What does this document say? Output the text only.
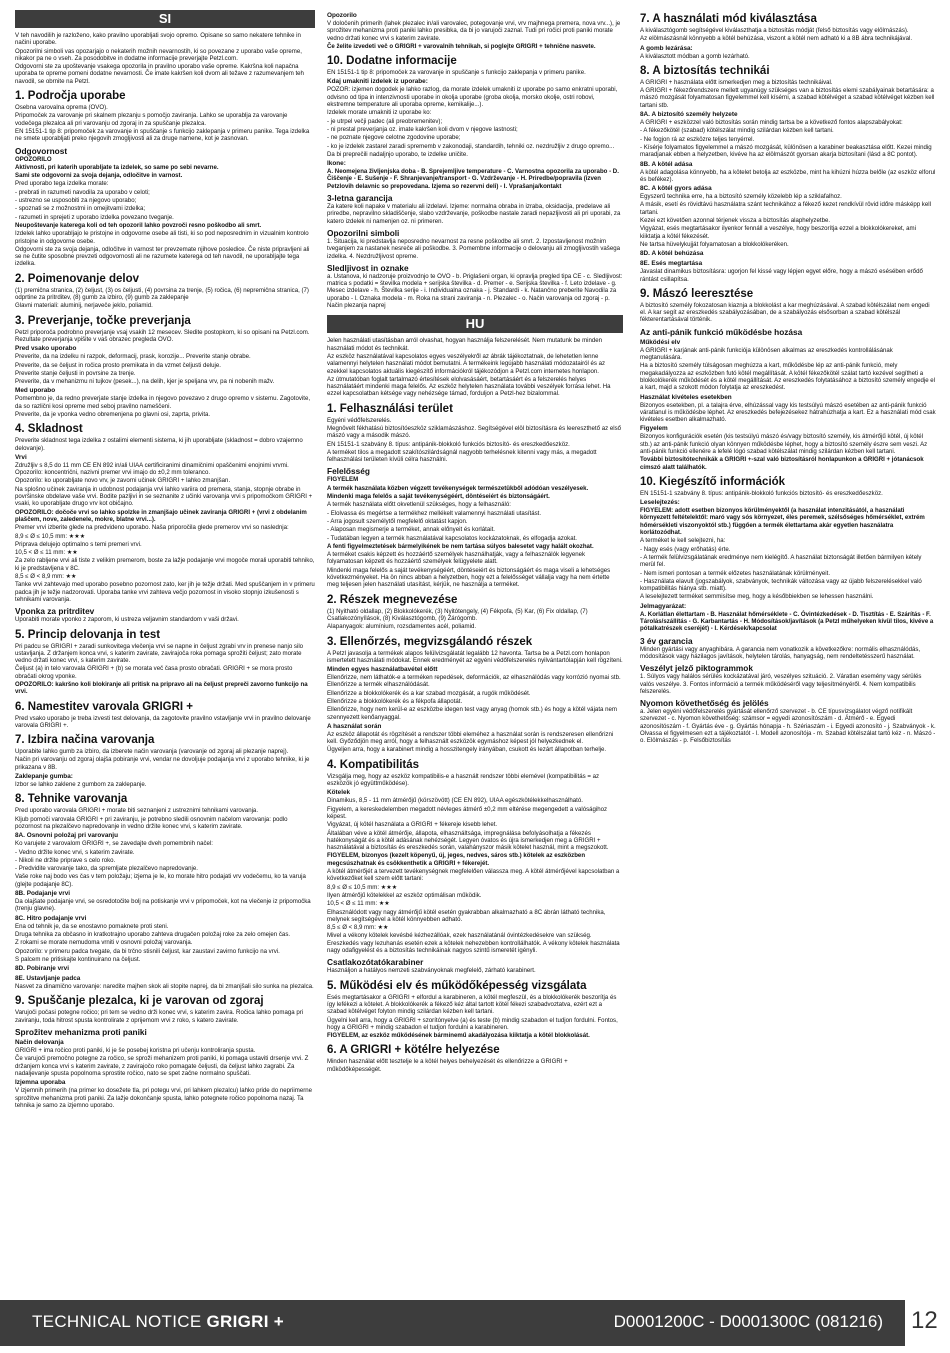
SI

V teh navodilih je razloženo, kako pravilno uporabljati svojo opremo. Opisane so samo nekatere tehnike in načini uporabe.

Opozorilni simboli vas opozarjajo o nekaterih možnih nevarnostih, ki so povezane z uporabo vaše opreme, nikakor pa ne o vseh. Za posodobitve in dodatne informacije preverjajte Petzl.com.

Odgovorni ste za upoštevanje vsakega opozorila in pravilno uporabo vaše opreme. Kakršna koli napačna uporaba te opreme pomeni dodatne nevarnosti. Če imate kakršen koli dvom ali težave z razumevanjem teh navodil, se obrnite na Petzl.

1. Področja uporabe

Osebna varovalna oprema (OVO).

Pripomoček za varovanje pri skalnem plezanju s pomočjo zaviranja. Lahko se uporablja za varovanje vodečega plezalca ali pri varovanju od zgoraj in za spuščanje plezalca.

EN 15151-1 tip 8: pripomoček za varovanje in spuščanje s funkcijo zaklepanja v primeru panike. Tega izdelka ne smete uporabljati preko njegovih zmogljivosti ali za druge namene, kot je zasnovan.

Odgovornost

OPOZORILO

Aktivnosti, pri katerih uporabljate ta izdelek, so same po sebi nevarne.

Sami ste odgovorni za svoja dejanja, odločitve in varnost.

Pred uporabo tega izdelka morate:

- prebrati in razumeti navodila za uporabo v celoti;

- ustrezno se usposobiti za njegovo uporabo;

- spoznati se z možnostmi in omejitvami izdelka;

- razumeti in sprejeti z uporabo izdelka povezano tveganje.

Neupoštevanje katerega koli od teh opozoril lahko povzroči resno poškodbo ali smrt.

Izdelek lahko uporabljajo le pristojne in odgovorne osebe ali tisti, ki so pod neposrednim in vizualnim kontrolo pristojne in odgovorne osebe.

Odgovorni ste za svoja dejanja, odločitve in varnost ter prevzemate njihove posledice. Če niste pripravljeni ali se ne čutite sposobne prevzeti odgovornosti ali ne razumete katerega od teh navodil, ne uporabljajte tega izdelka.

2. Poimenovanje delov

(1) premična stranica, (2) čeljust, (3) os čeljusti, (4) povrsina za trenje, (5) ročica, (6) nepremična stranica, (7) odprtine za pritrditev, (8) gumb za izbiro, (9) gumb za zaklepanje

Glavni materiali: aluminij, nerjaveče jeklo, poliamid.

3. Preverjanje, točke preverjanja

Petzl priporoča podrobno preverjanje vsaj vsakih 12 mesecev. Sledite postopkom, ki so opisani na Petzl.com. Rezultate preverjanja vpišite v vaš obrazec pregleda OVO.

Pred vsako uporabo

Preverite, da na izdelku ni razpok, deformacij, prask, korozije... Preverite stanje obrabe.

Preverite, da se čeljust in ročica prosto premikata in da vzmet čeljusti deluje.

Preverite stanje čeljusti in povrsine za trenje.

Preverite, da v mehanizmu ni tujkov (pesek...), na delih, kjer je speljana vrv, pa ni nobenih mažv.

Med uporabo

Pomembno je, da redno preverjate stanje izdelka in njegovo povezavo z drugo opremo v sistemu. Zagotovite, da so različni kosi opreme med seboj pravilno nameščeni.

Preverite, da je vponka vedno obremenjena po glavni osi, zaprta, privita.

4. Skladnost

Preverite skladnost tega izdelka z ostalimi elementi sistema, ki jih uporabljate (skladnost = dobro vzajemno delovanje).

Vrvi

Združljiv s 8,5 do 11 mm CE EN 892 in/ali UIAA certificiranimi dinamičnimi opaščenimi enojnimi vrvmi. Opozorilo: koncentrični, nazivni premer vrvi imajo do ±0,2 mm toleranco.

Opozorilo: ko uporabljate novo vrv, je zavorni učinek GRIGRI + lahko zmanjšan.

Na splošno učinek zaviranja in udobnost podajanja vrvi lahko variira od premera, stanja, stopnje obrabe in površinske obdelave vaše vrvi. Bodite pazljivi in se seznanite z učinki varovanja vrvi s pripomočkom GRIGRI + vsaki, ko uporabljate drugo vrv kot običajno.

OPOZORILO: dočoče vrvi so lahko spolzke in zmanjšajo učinek zaviranja GRIGRI + (vrvi z obdelanim plaščem, nove, zaledenele, mokre, blatne vrvi...).

Premer vrvi izberite glede na predvideno uporabo. Naša priporočila glede premerov vrvi so naslednja:

8,9 ≤ Ø ≤ 10,5 mm: ★★★

Priprava delujejo optimalno s temi premeri vrvi.

10,5 < Ø ≤ 11 mm: ★★

Za zelo rabljene vrvi ali tiste z velikim premerom, boste za lažje podajanje vrvi mogoče morali uporabiti tehniko, ki je predstavljena v 8C.

8,5 ≤ Ø < 8,9 mm: ★★

Tanke vrvi zahtevajo med uporabo posebno pozornost zato, ker jih je težje držati. Med spuščanjem in v primeru padca jih je težje nadzorovati. Uporaba tanke vrvi zahteva večjo pozornost in visoko stopnjo izkušenosti s tehnikami varovanja.

Vponka za pritrditev

Uporabiti morate vponko z zaporom, ki ustreza veljavnim standardom v vaši državi.

5. Princip delovanja in test

Pri padcu se GRIGRI + zaradi sunkovitega vlečenja vrvi se napne in čeljust zgrabi vrv in prenese nanjo silo ustavljanja. Z držanjem konca vrvi, s katerim zavirate, zavirajoča roka pomaga sprožiti čeljust; zato morate vedno držati konec vrvi, s katerim zavirate.

Čeljust (a) in telo varovala GRIGRI + (b) se morata več časa prosto obračati. GRIGRI + se mora prosto obračati okrog vponke.

OPOZORILO: kakršno koli blokiranje ali pritisk na pripravo ali na čeljust prepreči zavorno funkcijo na vrvi.

6. Namestitev varovala GRIGRI +

Pred vsako uporabo je treba izvesti test delovanja, da zagotovite pravilno vstavljanje vrvi in pravilno delovanje varovala GRIGRI +.

7. Izbira načina varovanja

Uporabite lahko gumb za izbiro, da izberete način varovanja (varovanje od zgoraj ali plezanje naprej).

Način pri varovanju od zgoraj olajša pobiranje vrvi, vendar ne dovoljuje podajanja vrvi z uporabo tehnike, ki je prikazana v 8B.

Zaklepanje gumba:

Izbor se lahko zaklene z gumbom za zaklepanje.

8. Tehnike varovanja

Pred uporabo varovala GRIGRI + morate biti seznanjeni z ustreznimi tehnikami varovanja.

Kljub pomoči varovala GRIGRI + pri zaviranju, je potrebno sledili osnovnim načelom varovanja: podlo pozornost na plezalčevo napredovanje in vedno držite konec vrvi, s katerim zavirate.

8A. Osnovni položaj pri varovanju

Ko varujete z varovalom GRIGRI +, se zavedajte dveh pomembnih načel:

- Vedno držite konec vrvi, s katerim zavirate.

- Nikoli ne držite priprave s celo roko.

- Predvidite varovanje tako, da spremljate plezalčevo napredovanje.

Vaše roke naj bodo ves čas v tem položaju; izjema je le, ko morate hitro podajati vrv vodečemu, ko ta varuja (glejte podajanje 8C).

8B. Podajanje vrvi

Da olajšate podajanje vrvi, se osredotočite bolj na potiskanje vrvi v pripomoček, kot na vlečenje iz pripomočka (trenju glavne).

8C. Hitro podajanje vrvi

Ena od tehnik je, da se enostavno pomaknete proti steni.

Druga tehnika za občasno in kratkotrajno uporabo zahteva drugačen položaj roke za zelo omejen čas.

Z rokami se morate nemudoma vrniti v osnovni položaj varovanja.

Opozorilo: v primeru padca tvegate, da bi trčno stisnili čeljust, kar zaustavi zavirno funkcijo na vrvi.

S palcem ne pritiskajte kontinuirano na čeljust.

8D. Pobiranje vrvi
8E. Ustavljanje padca

Nasvet za dinamično varovanje: naredite majhen skok ali stopite naprej, da bi zmanjšali silo sunka na plezalca.

9. Spuščanje plezalca, ki je varovan od zgoraj

Varujoči počasi potegne ročico; pri tem se vedno drži konec vrvi, s katerim zavira. Ročica lahko pomaga pri zaviranju, toda hitrost spusta kontrolirate z oprijemom vrvi z roko, s katero zavirate.

Sprožitev mehanizma proti paniki
Način delovanja

GRIGRI + ima ročico proti paniki, ki je še posebej koristna pri učenju kontroliranja spusta.

Če varujoči premočno potegne za ročico, se sproži mehanizem proti paniki, ki pomaga ustaviti drsenje vrvi. Z držanjem konca vrvi s katerim zavirate, z zavirajočo roko pomagate čeljusti, da čeljust lahko zagrabi. Za nadaljevanje spusta popolnoma sprostite ročico, nato se spet začne normalno spuščati.

Izjemna uporaba

V izjemnih primerih (na primer ko dosežete tla, pri potegu vrvi, pri lahkem plezalcu) lahko pride do nepriimerne sprožitve mehanizma proti paniki. Za lažje dokončanje spusta, lahko potegnete ročico popolnoma nazaj. Ta tehnika je samo za izjemno uporabo.

Opozorilo

V določenih primerih (lahek plezalec in/ali varovalec, potegovanje vrvi, vrv majhnega premera, nova vrv...), je sprožitev mehanizma proti paniki lahko presibka, da bi jo varujoči zaznal. Tudi pri ročici proti paniki morate vedno držati konec vrvi s katerim zavirate.

Če želite izvedeti več o GRIGRI + varovalnih tehnikah, si poglejte GRIGRI + tehnične nasvete.

10. Dodatne informacije

EN 15151-1 tip 8: pripomoček za varovanje in spuščanje s funkcijo zaklepanja v primeru panike.

Kdaj umakniti izdelek iz uporabe:

POZOR: izjemen dogodek je lahko razlog, da morate izdelek umakniti iz uporabe po samo enkratni uporabi, odvisno od tipa in intenzivnosti uporabe in okolja uporabe (groba okolja, morsko okolje, ostri robovi, ekstremne temperature ali uporaba opreme, kemikalije...).

Izdelek morate umakniti iz uporabe ko:

- je utrpel večji padec (ali preobremenitev);

- ni prestal preverjanja oz. imate kakršen koli dvom v njegove lastnosti;

- ne poznate njegove celotne zgodovine uporabe;

- ko je izdelek zastarel zaradi sprememb v zakonodaji, standardih, tehniki oz. nezdružljiv z drugo opremo...

Da bi preprečili nadaljnjo uporabo, te izdelke uničite.

Ikone:

A. Neomejena življenjska doba - B. Sprejemljive temperature - C. Varnostna opozorila za uporabo - D. Čiščenje - E. Sušenje - F. Shranjevanje/transport - G. Vzdrževanje - H. Priredbe/popravila (izven Petzlovih delavnic so prepovedana. Izjema so rezervni deli) - I. Vprašanja/kontakt

3-letna garancija

Za katere koli napake v materialu ali izdelavi. Izjeme: normalna obraba in izraba, oksidacija, predelave ali priredbe, nepravilno skladiščenje, slabo vzdrževanje, poškodbe nastale zaradi nepazljivosti ali pri uporabi, za katero izdelek ni namenjen oz. ni primeren.

Opozorilni simboli

1. Situacija, ki predstavlja neposredno nevarnost za resne poškodbe ali smrt. 2. Izpostavljenost možnim tveganjem za nastanek nesreče ali poškodbe. 3. Pomembne informacije o delovanju ali zmogljivostih vašega izdelka. 4. Nezdružljivost opreme.

Sledljivost in oznake

a. Ustanova, ki nadzoruje proizvodnjo te OVO - b. Priglašeni organ, ki opravlja pregled tipa CE - c. Sledljivost: matrica s podatki = številka modela + serijska številka - d. Premer - e. Serijska številka - f. Leto izdelave - g. Mesec izdelave - h. Številka serije - i. Individualna oznaka - j. Standardi - k. Natančno preberite Navodila za uporabo - l. Oznaka modela - m. Roka na strani zaviranja - n. Plezalec - o. Način varovanja od zgoraj - p. Način plezanja naprej

HU

Jelen használati utasításban arról olvashat, hogyan használja felszerelését. Nem mutatunk be minden használati módot és technikát.

Az eszköz használatával kapcsolatos egyes veszélyekről az ábrák tájékoztatnak, de lehetetlen lenne valamennyi helytelen használati módot bemutatni. A termékeink legújabb használati módozatairól és az ezekkel kapcsolatos aktuális kiegészítő információkról tájékozódjon a Petzl.com internetes honlapon.

Az útmutatóban foglalt tartalmazó értesítések elolvasásáért, betartásáért és a felszerelés helyes használatáért mindenki maga felelős. Az eszköz helytelen használata további veszélyek forrása lehet. Ha ezzel kapcsolatban kétsége vagy nehézsége támad, forduljon a Petzl-hez bizalommal.

1. Felhasználási terület

Egyéni védőfelszerelés.

Megnövelt fékhatású biztosítóeszköz sziklamászáshoz. Segítségével elöl biztosításra és leereszthető az első mászó vagy a második mászó.

EN 15151-1 szabvány 8. típus: antipánik-blokkoló funkciós biztosító- és ereszkedőeszköz.

A terméket tilos a megadott szakítószilárdságnál nagyobb terhelésnek kitenni vagy más, a megadott felhasználási területen kívüli célra használni.

Felelősség

FIGYELEM

A termék használata közben végzett tevékenységek természetükből adódóan veszélyesek.

Mindenki maga felelős a saját tevékenységéért, döntéseiért és biztonságáért.

A termék használata előtt okvetlenül szükséges, hogy a felhasználó:

- Elolvassa és megértse a termékhez mellékelt valamennyi használati utasítást.

- Arra jogosult személytől megfelelő oktatást kapjon.

- Alaposan megismerje a terméket, annak előnyeit és korlátait.

- Tudatában legyen a termék használatával kapcsolatos kockázatoknak, és elfogadja azokat.

A fenti figyelmeztetések bármelyikének be nem tartása súlyos balesetet vagy halált okozhat.

A terméket csakis képzett és hozzáértő személyek használhatják, vagy a felhasználók legyenek folyamatosan képzett és hozzáértő személyek felügyelete alatt.

Mindenki maga felelős a saját tevékenységéért, döntéseiért és biztonságáért és maga viseli a lehetséges következményeket. Ha ön nincs abban a helyzetben, hogy ezt a felelősséget vállalja vagy ha nem értette meg teljesen jelen használati utasítást, kérjük, ne használja a terméket.

2. Részek megnevezése

(1) Nyitható oldallap, (2) Blokkolókerék, (3) Nyitótengely, (4) Fékpofa, (5) Kar, (6) Fix oldallap, (7) Csatlakozónyílások, (8) Kiválasztógomb, (9) Zárógomb.

Alapanyagok: alumínium, rozsdamentes acél, poliamid.

3. Ellenőrzés, megvizsgálandó részek

A Petzl javasolja a termékek alapos felülvizsgálatát legalább 12 havonta. Tartsa be a Petzl.com honlapon ismertetett használati módokat. Ennek eredményét az egyéni védőfelszerelés nyilvántartólapján kell rögzíteni.

Minden egyes használatbavétel előtt

Ellenőrizze, nem láthatók-e a terméken repedések, deformációk, az elhasználódás vagy korrózió nyomai stb. Ellenőrizze a termék elhasználódását.

Ellenőrizze a blokkolókerék és a kar szabad mozgását, a rugók működését.

Ellenőrizze a blokkolókerék és a fékpofa állapotát.

Ellenőrizze, hogy nem kerül-e az eszközbe idegen test vagy anyag (homok stb.) és hogy a kötél vájata nem szennyezett kenőanyaggal.

A használat során

Az eszköz állapotát és rögzítését a rendszer többi eleméhez a használat során is rendszeresen ellenőrizni kell. Győződjön meg arról, hogy a felhasznált eszközök egymáshoz képest jól helyezkednek el.

Ügyeljen arra, hogy a karabinert mindig a hosszitengely irányában, csukott és lezárt állapotban terhelje.

4. Kompatibilitás

Vizsgálja meg, hogy az eszköz kompatibilis-e a használt rendszer többi elemével (kompatibilitás = az eszközök jó együttműködése).

Kötelek

Dinamikus, 8,5 - 11 mm átmérőjű (körszövött) (CE EN 892), UIAA egészkötélekkelhasználható.

Figyelem, a kereskedelemben megadott névleges átmérő ±0,2 mm eltérése megengedett a valóságihoz képest.

Vigyázat, új kötél használata a GRIGRI + fékereje kisebb lehet.

Általában véve a kötél átmérője, állapota, elhasználtsága, impregnálása befolyásolhatja a fékezés hatékonyságát és a kötél adásának nehézségét. Legyen óvatos és újra ismerkedjen meg a GRIGRI + használatával a biztosítás és ereszkedés során, valahányszor másik kötelet használ, mint a megszokott.

FIGYELEM, bizonyos (kezelt köpenyű, új, jeges, nedves, sáros stb.) kötelek az eszközben megcsúszhatnak és csökkenthetik a GRIGRI + fékerejét.

A kötél átmérőjét a tervezett tevékenységnek megfelelően válassza meg. A kötél átmérőjével kapcsolatban a következőket kell szem előtt tartani:

8,9 ≤ Ø ≤ 10,5 mm: ★★★

Ilyen átmérőjű kötelekkel az eszköz optimálisan működik.

10,5 < Ø ≤ 11 mm: ★★

Elhasználódott vagy nagy átmérőjű kötél esetén gyakrabban alkalmazható a 8C ábrán látható technika, melynek segítségével a kötél könnyebben adható.

8,5 ≤ Ø < 8,9 mm: ★★

Mivel a vékony kötelek kevésbé kézhezállóak, ezek használatánál óvintézkedésekre van szükség. Ereszkedés vagy lezuhanás esetén ezek a kötelek nehezebben kontrollálhatók. A vékony kötelek használata nagy odafigyelést és a biztosítás technikáinak nagyos szintű ismeretét igényli.

Csatlakozótatókarabiner

Használjon a hatályos nemzeti szabványoknak megfelelő, zárható karabinert.

5. Működési elv és működőképesség vizsgálata

Esés megtartásakor a GRIGRI + elfordul a karabineren, a kötél megfeszül, és a blokkolókerék beszorítja és így lefékezi a kötelet. A blokkolókerék a fékező kéz által tartott kötél fékezi szabadvoztatva, ezért ezt a szabad kötélvéget folyton mindig szilárdan kézben kell tartani.

Ügyelni kell arra, hogy a GRIGRI + szorítónyelve (a) és teste (b) mindig szabadon el tudjon fordulni. Fontos, hogy a GRIGRI + mindig szabadon el tudjon fordulni a karabineren.

FIGYELEM, az eszköz működésének bárminemű akadályozása kiiktatja a kötél blokkolását.

6. A GRIGRI + kötélre helyezése

Minden használat előtt tesztelje le a kötél helyes behelyezését és ellenőrizze a GRIGRI + működőképességét.

7. A használati mód kiválasztása

A kiválasztógomb segítségével kiválaszthatja a biztosítás módját (felső biztosítás vagy elölmászás).

Az elölmászásnál könnyebb a kötél behúzása, viszont a kötél nem adható ki a 8B ábra technikájával.

A gomb lezárása:

A kiválasztott módban a gomb lezárható.

8. A biztosítás technikái

A GRIGRI + használata előtt ismerkedjen meg a biztosítás technikáival.

A GRIGRI + fékezőrendszere mellett ugyanúgy szükséges van a biztosítás elemi szabályainak betartására: a mászó mozgását folyamatosan figyelemmel kell kísérni, a szabad kötélvéget a szabad kötélvéget kézben kell tartani stb.

8A. A biztosító személy helyzete

A GRIGRI + eszközzel való biztosítás során mindig tartsa be a következő fontos alapszabályokat:

- A fékezőkötél (szabad) kötélszálat mindig szilárdan kézben kell tartani.

- Ne fogjon rá az eszközre teljes tenyérrel.

- Kísérje folyamatos figyelemmel a mászó mozgását, különösen a karabiner beakasztása előtt. Kezei mindig maradjanak ebben a helyzetben, kivéve ha az elölmászót gyorsan akarja biztosítani (lásd a 8C pontot).

8B. A kötél adása

A kötél adagolása könnyebb, ha a kötelet betolja az eszközbe, mint ha kihúzni húzza belőle (az eszköz elforul és befékez).

8C. A kötél gyors adása

Egyszerű technika erre, ha a biztosító személy közelebb lép a sziklafalhoz.

A másik, esetí és rövidtávú használatra szánt technikához a fékező kezet rendkívül rövid időre másképp kell tartani.

Kezei ezt követően azonnal térjenek vissza a biztosítás alaphelyzetbe.

Vigyázat, esés megtartásakor ilyenkor fennáll a veszélye, hogy beszorítja ezzel a blokkolókereket, ami kiiktatja a kötél fékezését.

Ne tartsa hüvelykujját folyamatosan a blokkolókeréken.

8D. A kötél behúzása
8E. Esés megtartása

Javaslat dinamikus biztosításra: ugorjon fel kissé vagy lépjen egyet előre, hogy a mászó esésében erődő rántást csillapítsa.

9. Mászó leeresztése

A biztosító személy fokozatosan kiaznja a blokkolást a kar meghúzásával. A szabad kötélszálat nem engedi el. A kar segít az ereszkedés szabályozásában, de a szabályozás elsősorban a szabad kötélszál fékterentartásával történik.

Az anti-pánik funkció működésbe hozása
Működési elv

A GRIGRI + karjának anti-pánik funkciója különösen alkalmas az ereszkedés kontrollálásának megtanulására.

Ha a biztosító személy túlságosan meghúzza a kart, működésbe lép az anti-pánik funkció, mely megakadályozza az eszközben futó kötél megállítását. A kötél fékezőkötél szálat tartó kezével segítheti a blokkolókerék működését és a kötél megállítását. Az ereszkedés folytatásához a biztosító személy engedje el a kart, majd a szokott módon folytatja az ereszkedést.

Használat kivételes esetekben

Bizonyos esetekben, pl. a talajra érve, elhúzással vagy kis testsúlyú mászó esetében az anti-pánik funkció váratlanul is működésbe léphet. Az ereszkedés befejezésekez hátrahúzhatja a kart. Ez a használati mód csak kivételes esetben alkalmazható.

Figyelem

Bizonyos konfigurációk esetén (kis testsúlyú mászó és/vagy biztosító személy, kis átmérőjű kötél, új kötél stb.) az anti-pánik funkció olyan könnyen működésbe léphet, hogy a biztosító személy észre sem veszi. Az anti-pánik funkció ellenére a lefelé lógó szabad kötélszálat mindig szilárdan kézben kell tartani.

További biztosítótechnikák a GRIGRI +-szal való biztosításról honlapunkon a GRIGRI + jótanácsok címszó alatt találhatók.

10. Kiegészítő információk

EN 15151-1 szabvány 8. típus: antipánik-blokkoló funkciós biztosító- és ereszkedőeszköz.

Leselejtezés:

FIGYELEM: adott esetben bizonyos körülményektől (a használat intenzitásától, a használati környezett feltételektől: maró vagy sós környezet, éles peremek, szélsőséges hőmérséklet, extrém hőmérsékleti viszonyoktól stb.) függően a termék élettartama akár egyetlen használatra korlátozódhat.

A terméket le kell selejtezni, ha:

- Nagy esés (vagy erőhatás) érte.

- A termék felülvizsgálatának eredménye nem kielégítő. A használat biztonságát illetően bármilyen kétely merül fel.

- Nem ismeri pontosan a termék előzetes használatának körülményeit.

- Használata elavult (jogszabályok, szabványok, technikák változása vagy az újabb felszerelésekkel való kompatibilitás hiánya stb. miatt).

A leselejtezett terméket semmisítse meg, hogy a későbbiekben se lehessen használni.

Jelmagyarázat:

A. Korlátlan élettartam - B. Használat hőmérséklete - C. Óvintézkedések - D. Tisztítás - E. Szárítás - F. Tárolás/szállítás - G. Karbantartás - H. Módosítások/javítások (a Petzl műhelyeken kívül tilos, kivéve a pótalkatrészek cseréjét) - I. Kérdések/kapcsolat

3 év garancia

Minden gyártási vagy anyaghibára. A garancia nem vonatkozik a következőkre: normális elhasználódás, módosítások vagy házilagos javítások, helytelen tárolás, hanyagság, nem rendeltetésszerű használat.

Veszélyt jelző piktogrammok

1. Súlyos vagy halálos sérülés kockázatával járó, veszélyes szituáció. 2. Váratlan esemény vagy sérülés valós veszélye. 3. Fontos információ a termék működéséről vagy teljesítményéről. 4. Nem kompatibilis felszerelés.

Nyomon követhetőség és jelölés

a. Jelen egyéni védőfelszerelés gyártását ellenőrző szervezet - b. CE típusvizsgálatot végző notifikált szervezet - c. Nyomon követhetőség: számsor = egyedi azonosítószám - d. Átmérő - e. Egyedi azonosítószám - f. Gyártás éve - g. Gyártás hónapja - h. Szériaszám - i. Egyedi azonosító - j. Szabványok - k. Olvassa el figyelmesen ezt a tájékoztatót - l. Modell azonosítója - m. Szabad kötélszálat tartó kéz - n. Mászó - o. Elölmászás - p. Felsőbiztosítás

TECHNICAL NOTICE GRIGRI +	D0001200C - D0001300C (081216) 12
